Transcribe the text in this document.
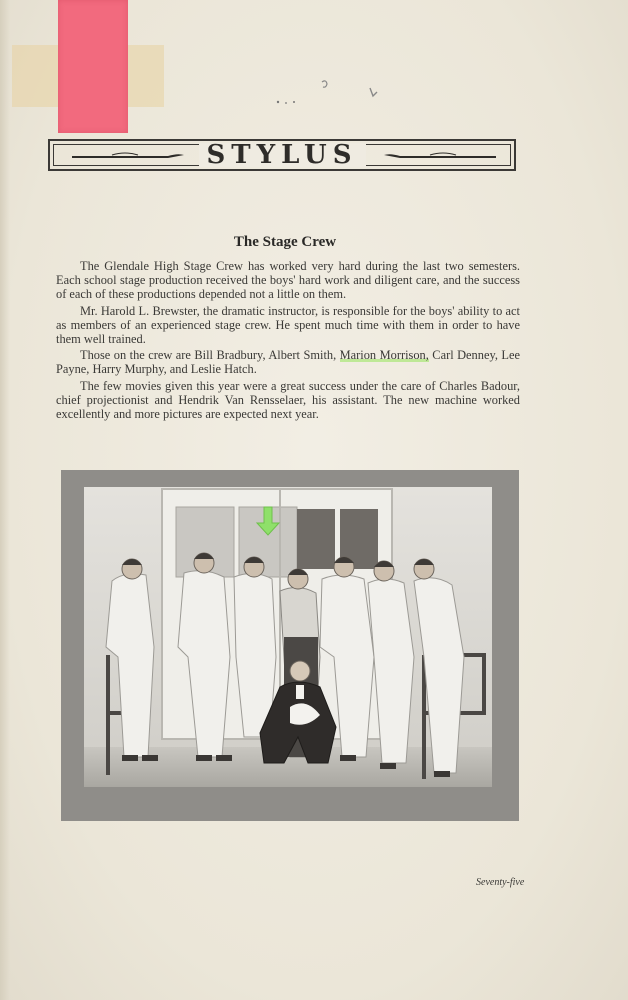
STYLUS
The Stage Crew

The Glendale High Stage Crew has worked very hard during the last two semesters. Each school stage production received the boys' hard work and diligent care, and the success of each of these productions depended not a little on them.

Mr. Harold L. Brewster, the dramatic instructor, is responsible for the boys' ability to act as members of an experienced stage crew. He spent much time with them in order to have them well trained.

Those on the crew are Bill Bradbury, Albert Smith, Marion Morrison, Carl Denney, Lee Payne, Harry Murphy, and Leslie Hatch.

The few movies given this year were a great success under the care of Charles Badour, chief projectionist and Hendrik Van Rensselaer, his assistant. The new machine worked excellently and more pictures are expected next year.

Seventy-five
